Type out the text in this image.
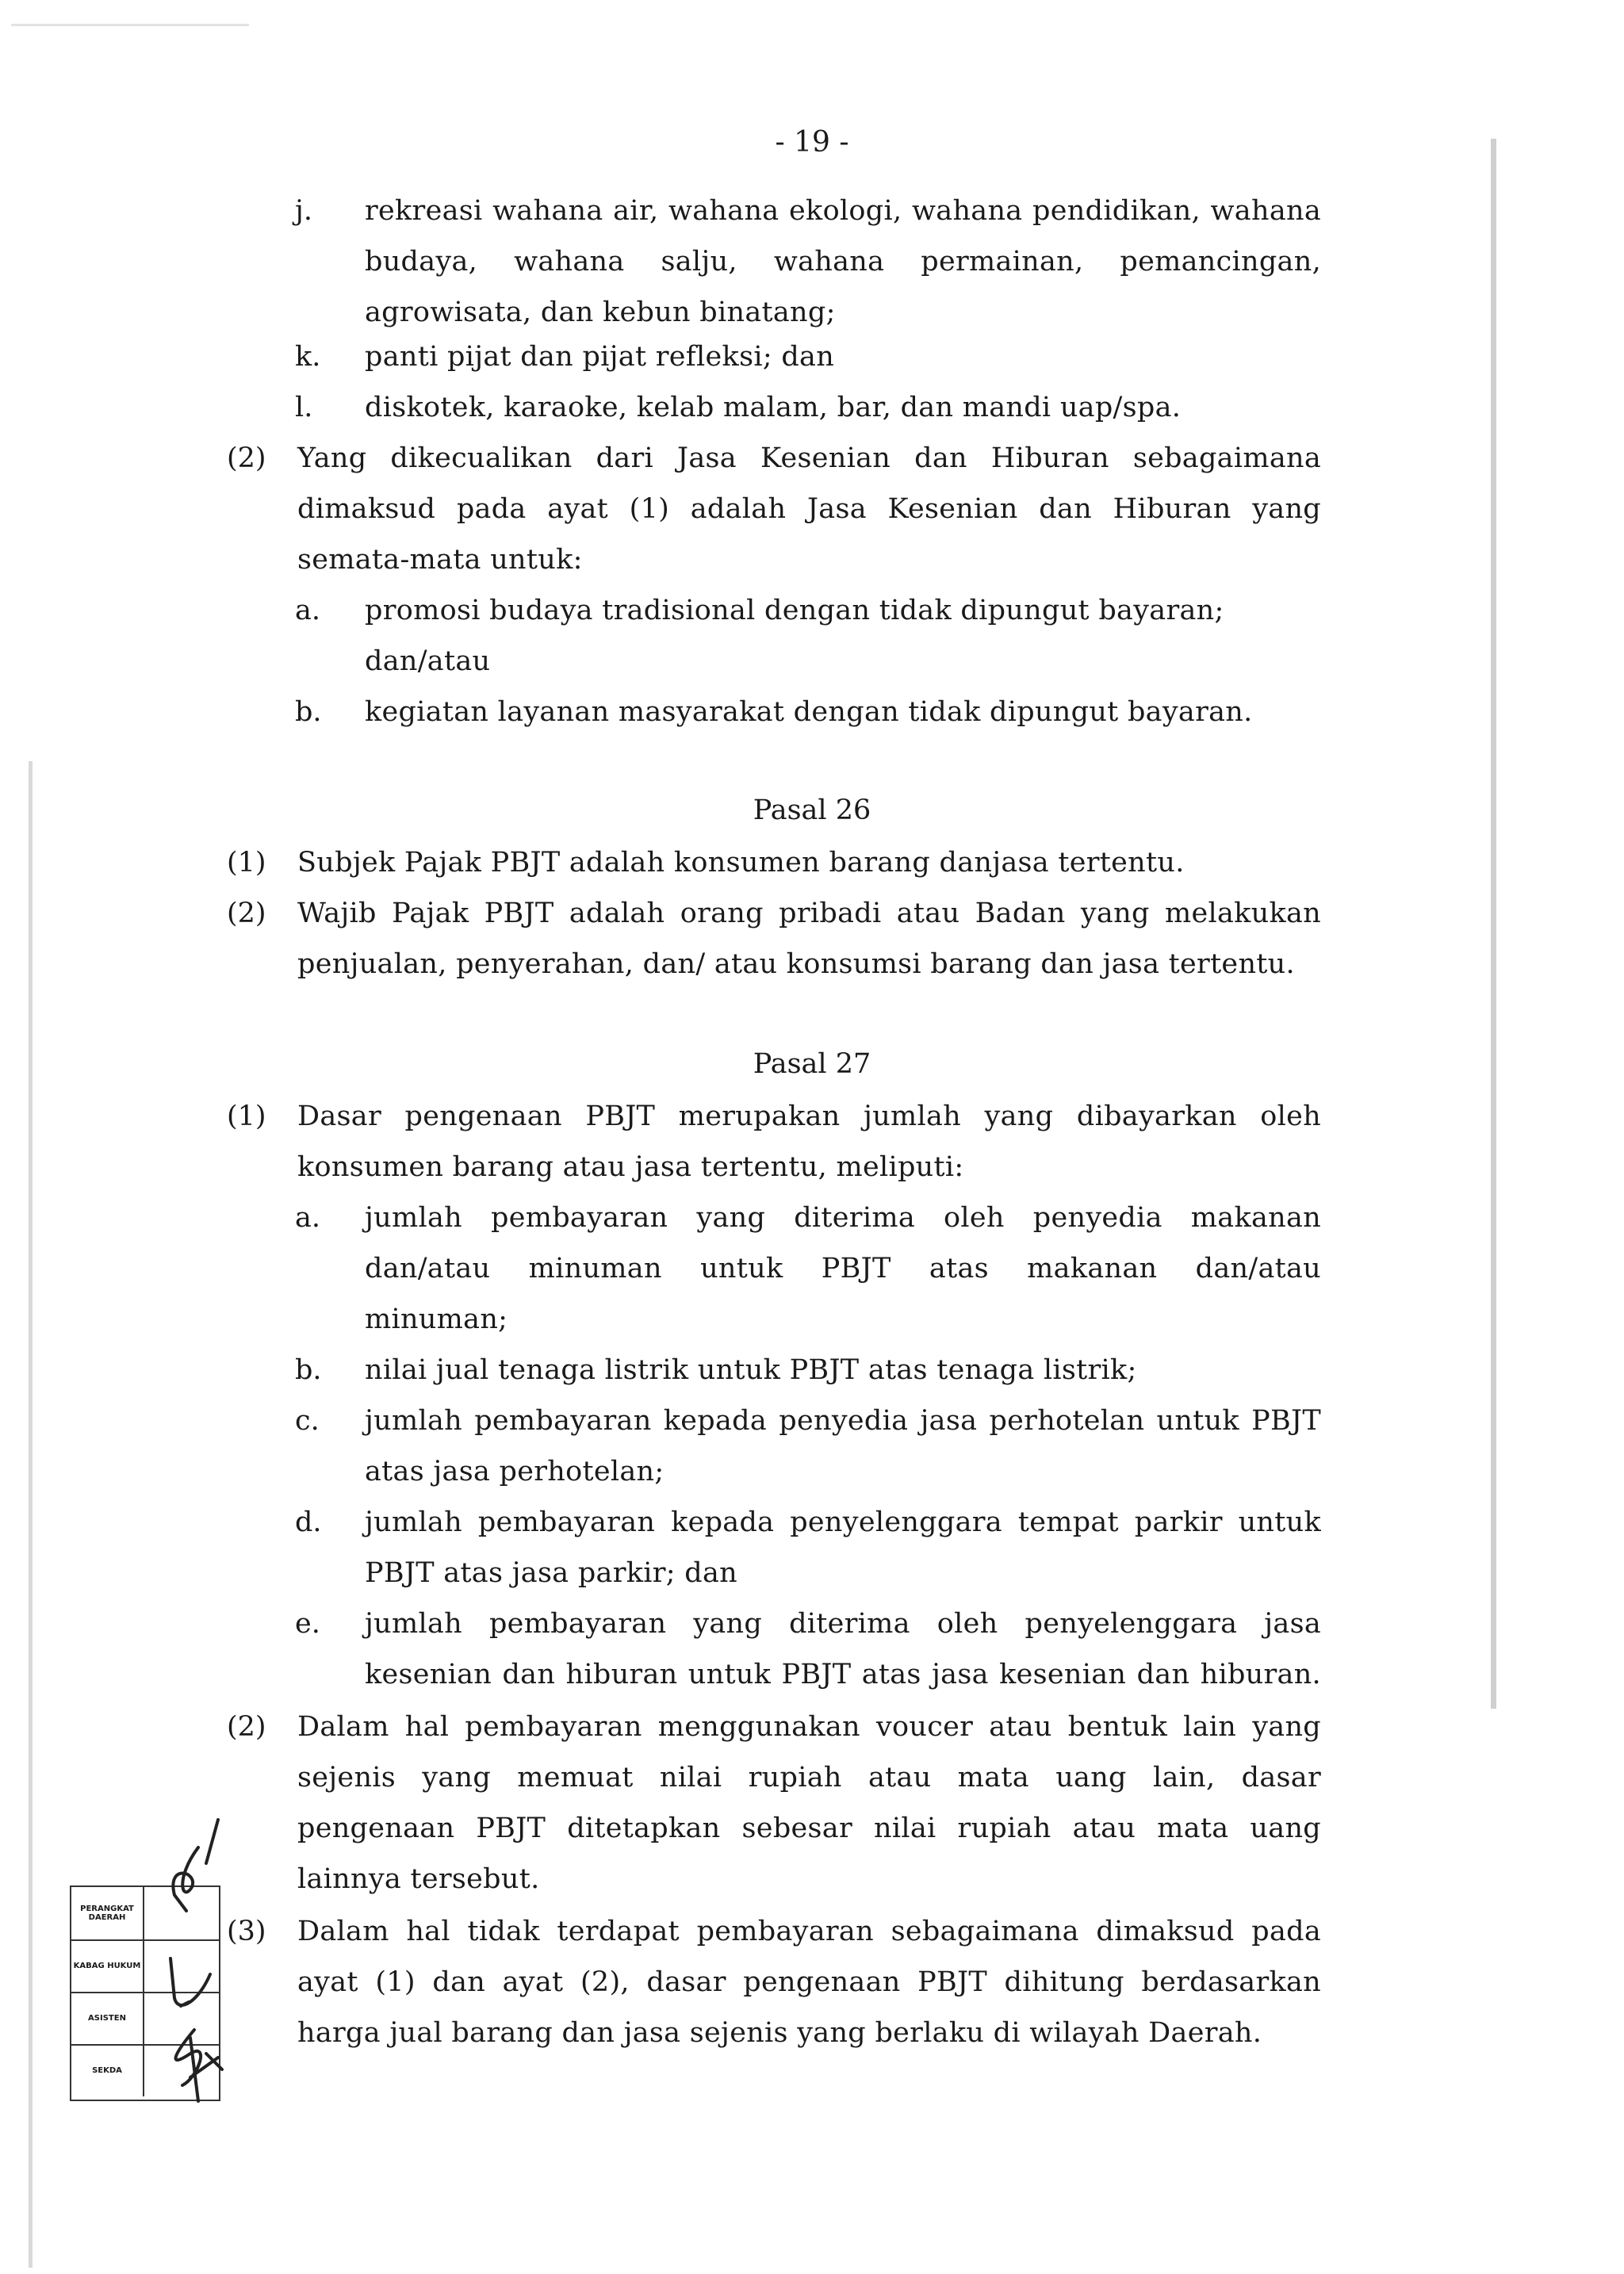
- 19 -
j. rekreasi wahana air, wahana ekologi, wahana pendidikan, wahana
budaya, wahana salju, wahana permainan, pemancingan,
agrowisata, dan kebun binatang;
k. panti pijat dan pijat refleksi; dan
l. diskotek, karaoke, kelab malam, bar, dan mandi uap/spa.
(2) Yang dikecualikan dari Jasa Kesenian dan Hiburan sebagaimana
dimaksud pada ayat (1) adalah Jasa Kesenian dan Hiburan yang
semata-mata untuk:
a. promosi budaya tradisional dengan tidak dipungut bayaran;
dan/atau
b. kegiatan layanan masyarakat dengan tidak dipungut bayaran.
Pasal 26
(1) Subjek Pajak PBJT adalah konsumen barang danjasa tertentu.
(2) Wajib Pajak PBJT adalah orang pribadi atau Badan yang melakukan
penjualan, penyerahan, dan/ atau konsumsi barang dan jasa tertentu.
Pasal 27
(1) Dasar pengenaan PBJT merupakan jumlah yang dibayarkan oleh
konsumen barang atau jasa tertentu, meliputi:
a. jumlah pembayaran yang diterima oleh penyedia makanan
dan/atau minuman untuk PBJT atas makanan dan/atau
minuman;
b. nilai jual tenaga listrik untuk PBJT atas tenaga listrik;
c. jumlah pembayaran kepada penyedia jasa perhotelan untuk PBJT
atas jasa perhotelan;
d. jumlah pembayaran kepada penyelenggara tempat parkir untuk
PBJT atas jasa parkir; dan
e. jumlah pembayaran yang diterima oleh penyelenggara jasa
kesenian dan hiburan untuk PBJT atas jasa kesenian dan hiburan.
(2) Dalam hal pembayaran menggunakan voucer atau bentuk lain yang
sejenis yang memuat nilai rupiah atau mata uang lain, dasar
pengenaan PBJT ditetapkan sebesar nilai rupiah atau mata uang
lainnya tersebut.
(3) Dalam hal tidak terdapat pembayaran sebagaimana dimaksud pada
ayat (1) dan ayat (2), dasar pengenaan PBJT dihitung berdasarkan
harga jual barang dan jasa sejenis yang berlaku di wilayah Daerah.
PERANGKAT DAERAH
KABAG HUKUM
ASISTEN
SEKDA
